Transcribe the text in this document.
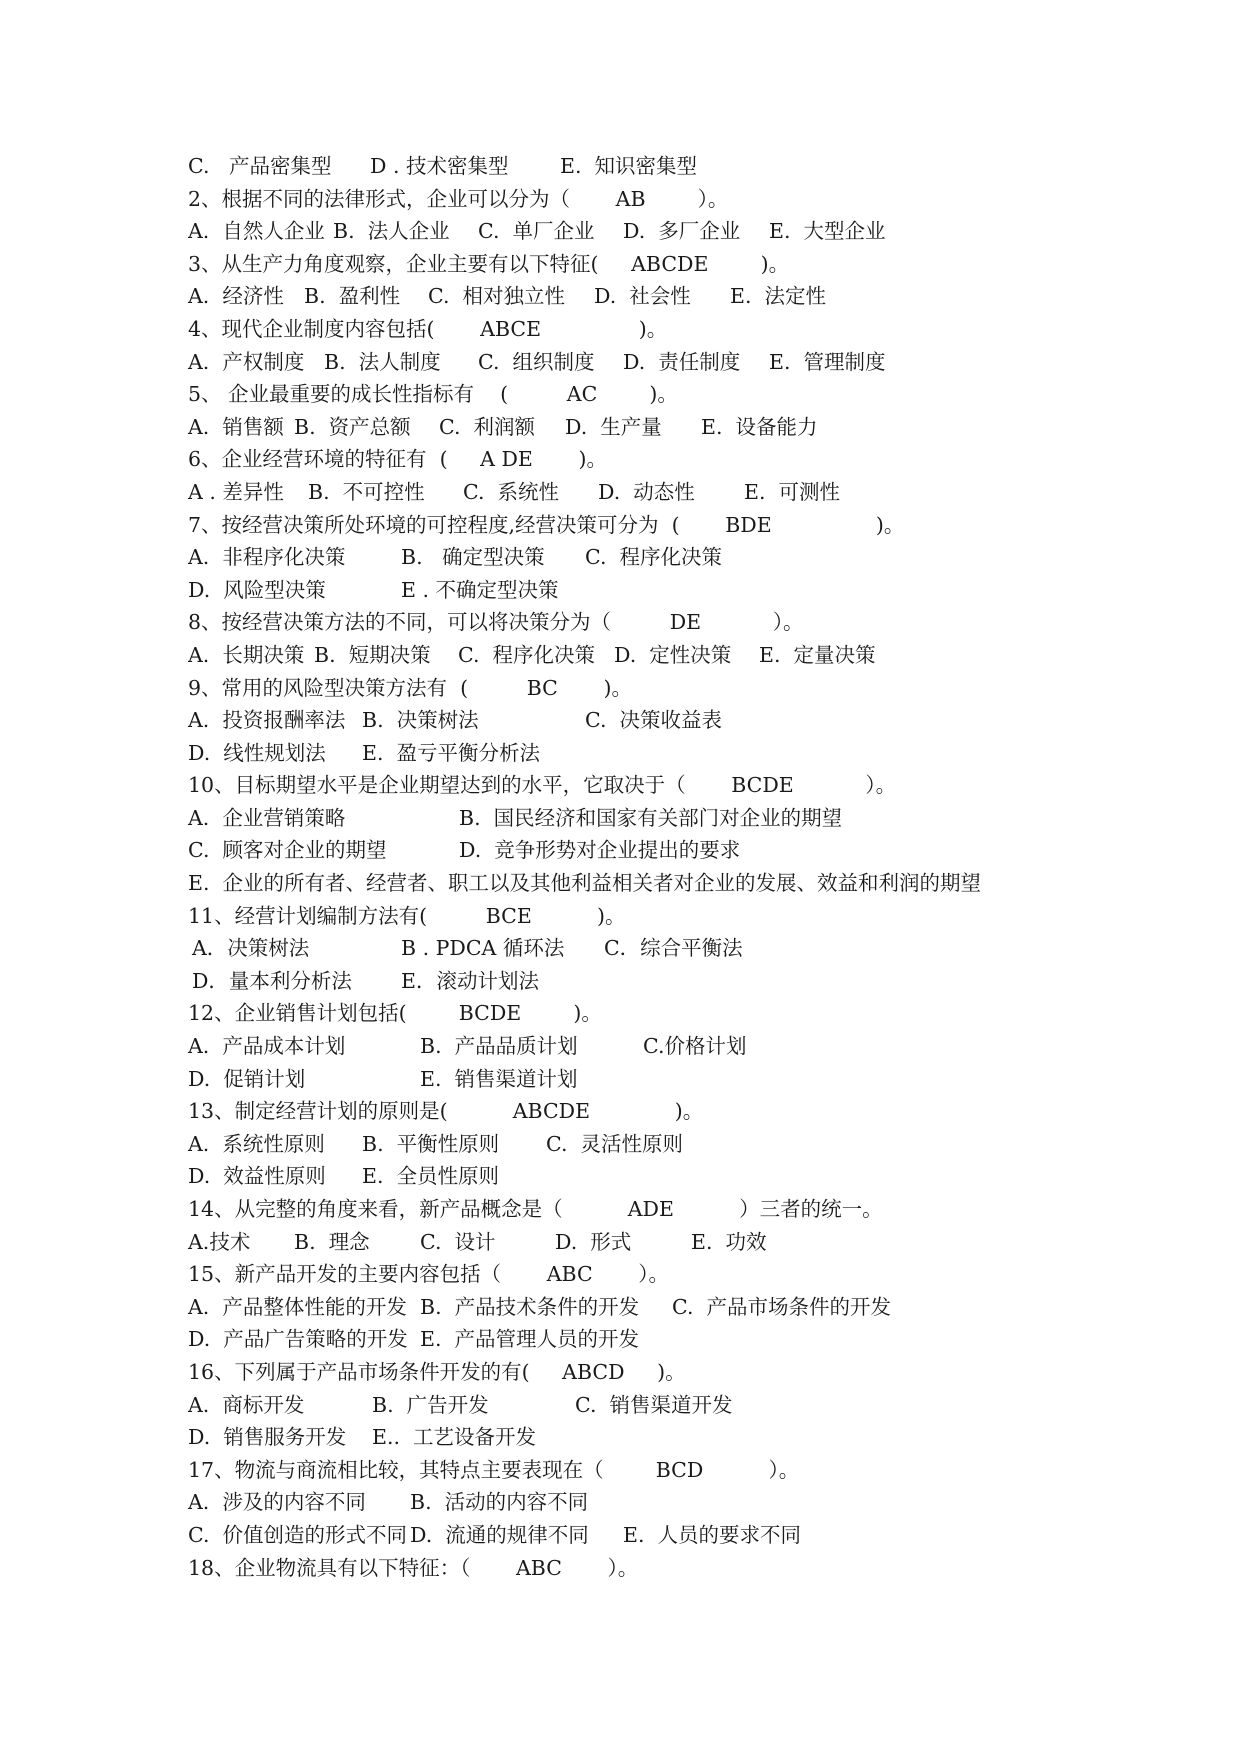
C.   产品密集型 D . 技术密集型	E.  知识密集型
2、根据不同的法律形式，企业可以分为（       AB        ）。
A.  自然人企业 B.  法人企业 C.  单厂企业 D.  多厂企业 E.  大型企业
3、从生产力角度观察，企业主要有以下特征(     ABCDE        )。
A.  经济性 B.  盈利性 C.  相对独立性 D.  社会性 E.  法定性
4、现代企业制度内容包括(       ABCE               )。
A.  产权制度 B.  法人制度 C.  组织制度 D.  责任制度 E.  管理制度
5、 企业最重要的成长性指标有    (         AC        )。
A.  销售额 B.  资产总额 C.  利润额 D.  生产量 E.  设备能力
6、企业经营环境的特征有  (     A DE       )。
A . 差异性 B.  不可控性 C.  系统性 D.  动态性 E.  可测性
7、按经营决策所处环境的可控程度,经营决策可分为  (       BDE                )。
A.  非程序化决策	B.   确定型决策 C.  程序化决策
D.  风险型决策	E . 不确定型决策
8、按经营决策方法的不同，可以将决策分为（         DE           ）。
A.  长期决策 B.  短期决策 C.  程序化决策 D.  定性决策 E.  定量决策
9、常用的风险型决策方法有  (         BC       )。
A.  投资报酬率法 B.  决策树法	C.  决策收益表
D.  线性规划法 E.  盈亏平衡分析法
10、目标期望水平是企业期望达到的水平，它取决于（       BCDE           ）。
A.  企业营销策略	B.  国民经济和国家有关部门对企业的期望
C.  顾客对企业的期望	D.  竞争形势对企业提出的要求
E.  企业的所有者、经营者、职工以及其他利益相关者对企业的发展、效益和利润的期望
11、经营计划编制方法有(         BCE          )。
A．决策树法	B . PDCA 循环法 C．综合平衡法
D．量本利分析法 E．滚动计划法
12、企业销售计划包括(        BCDE        )。
A.  产品成本计划	B.  产品品质计划	C.价格计划
D.  促销计划	E.  销售渠道计划
13、制定经营计划的原则是(          ABCDE             )。
A.  系统性原则 B.  平衡性原则 C.  灵活性原则
D.  效益性原则 E.  全员性原则
14、从完整的角度来看，新产品概念是（          ADE          ）三者的统一。
A.技术 B.  理念 C.  设计	D.  形式	E.  功效
15、新产品开发的主要内容包括（       ABC       ）。
A.  产品整体性能的开发 B.  产品技术条件的开发 C.  产品市场条件的开发
D.  产品广告策略的开发 E.  产品管理人员的开发
16、下列属于产品市场条件开发的有(     ABCD     )。
A.  商标开发	B.  广告开发	C.  销售渠道开发
D.  销售服务开发 E..  工艺设备开发
17、物流与商流相比较，其特点主要表现在（        BCD          ）。
A.  涉及的内容不同 B.  活动的内容不同
C.  价值创造的形式不同 D.  流通的规律不同 E.  人员的要求不同
18、企业物流具有以下特征：（       ABC       ）。
